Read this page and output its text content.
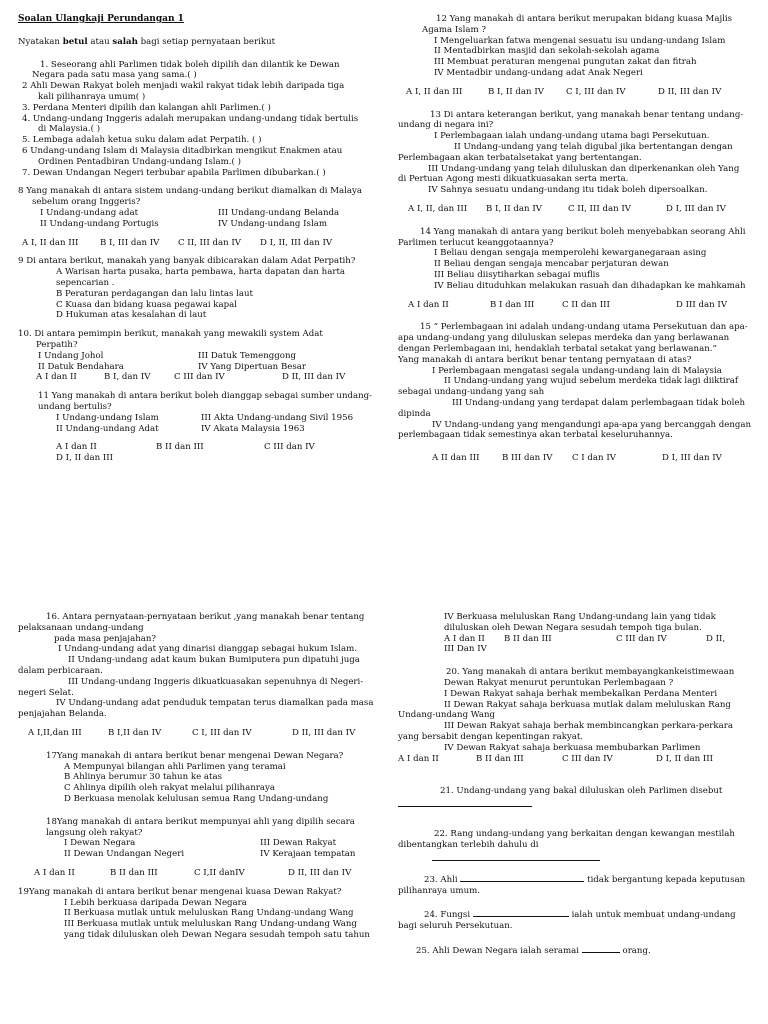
Soalan Ulangkaji Perundangan 1
Nyatakan betul atau salah bagi setiap pernyataan berikut
1. Seseorang ahli Parlimen tidak boleh dipilih dan dilantik ke Dewan
Negara pada satu masa yang sama.( )
2 Ahli Dewan Rakyat boleh menjadi wakil rakyat tidak lebih daripada tiga
kali pilihanraya umum( )
3. Perdana Menteri dipilih dan kalangan ahli Parlimen.( )
4. Undang-undang Inggeris adalah merupakan undang-undang tidak bertulis
di Malaysia.( )
5. Lembaga adalah ketua suku dalam adat Perpatih. ( )
6 Undang-undang Islam di Malaysia ditadbirkan mengikut Enakmen atau
Ordinen Pentadbiran Undang-undang Islam.( )
7. Dewan Undangan Negeri terbubar apabila Parlimen dibubarkan.( )
8 Yang manakah di antara sistem undang-undang berikut diamalkan di Malaya
sebelum orang Inggeris?
I Undang-undang adat	III Undang-undang Belanda
II Undang-undang Portugis	IV Undang-undang Islam
A I, II dan III	B I, III dan IV	C II, III dan IV	D I, II, III dan IV
9 Di antara berikut, manakah yang banyak dibicarakan dalam Adat Perpatih?
A Warisan harta pusaka, harta pembawa, harta dapatan dan harta
sepencarian .
B Peraturan perdagangan dan lalu lintas laut
C Kuasa dan bidang kuasa pegawai kapal
D Hukuman atas kesalahan di laut
10. Di antara pemimpin berikut, manakah yang mewakili system Adat
Perpatih?
I Undang Johol	III Datuk Temenggong
II Datuk Bendahara	IV Yang Dipertuan Besar
A I dan II	B I, dan IV	C III dan IV	D II, III dan IV
11 Yang manakah di antara berikut boleh dianggap sebagai sumber undang-
undang bertulis?
I Undang-undang Islam	III Akta Undang-undang Sivil 1956
II Undang-undang Adat	IV Akata Malaysia 1963
A I dan II	B II dan III	C III dan IV
D I, II dan III
12 Yang manakah di antara berikut merupakan bidang kuasa Majlis
Agama Islam ?
I Mengeluarkan fatwa mengenai sesuatu isu undang-undang Islam
II Mentadbirkan masjid dan sekolah-sekolah agama
III Membuat peraturan mengenai pungutan zakat dan fitrah
IV Mentadbir undang-undang adat Anak Negeri
A I, II dan III	B I, II dan IV	C I, III dan IV	D II, III dan IV
13 Di antara keterangan berikut, yang manakah benar tentang undang-
undang di negara ini?
I Perlembagaan ialah undang-undang utama bagi Persekutuan.
II Undang-undang yang telah digubal jika bertentangan dengan
Perlembagaan akan terbatalsetakat yang bertentangan.
III Undang-undang yang telah diluluskan dan diperkenankan oleh Yang
di Pertuan Agong mesti dikuatkuasakan serta merta.
IV Sahnya sesuatu undang-undang itu tidak boleh dipersoalkan.
A I, II, dan III	B I, II dan IV	C II, III dan IV	D I, III dan IV
14 Yang manakah di antara yang berikut boleh menyebabkan seorang Ahli
Parlimen terlucut keanggotaannya?
I Beliau dengan sengaja memperolehi kewarganegaraan asing
II Beliau dengan sengaja mencabar perjaturan dewan
III Beliau diisytiharkan sebagai muflis
IV Beliau dituduhkan melakukan rasuah dan dihadapkan ke mahkamah
A I dan II	B I dan III	C II dan III	D III dan IV
15 “ Perlembagaan ini adalah undang-undang utama Persekutuan dan apa-
apa undang-undang yang diluluskan selepas merdeka dan yang berlawanan
dengan Perlembagaan ini, hendaklah terbatal setakat yang berlawanan.”
Yang manakah di antara berikut benar tentang pernyataan di atas?
I Perlembagaan mengatasi segala undang-undang lain di Malaysia
II Undang-undang yang wujud sebelum merdeka tidak lagi diiktiraf
sebagai undang-undang yang sah
III Undang-undang yang terdapat dalam perlembagaan tidak boleh
dipinda
IV Undang-undang yang mengandungi apa-apa yang bercanggah dengan
perlembagaan tidak semestinya akan terbatal keseluruhannya.
A II dan III	B III dan IV	C I dan IV	D I, III dan IV
16. Antara pernyataan-pernyataan berikut ,yang manakah benar tentang
pelaksanaan undang-undang
pada masa penjajahan?
I Undang-undang adat yang dinarisi dianggap sebagai hukum Islam.
II Undang-undang adat kaum bukan Bumiputera pun dipatuhi juga
dalam perbicaraan.
III Undang-undang Inggeris dikuatkuasakan sepenuhnya di Negeri-
negeri Selat.
IV Undang-undang adat penduduk tempatan terus diamalkan pada masa
penjajahan Belanda.
A I,II,dan III	B I,II dan IV	C I, III dan IV	D II, III dan IV
17Yang manakah di antara berikut benar mengenai Dewan Negara?
A Mempunyai bilangan ahli Parlimen yang teramai
B Ahlinya berumur 30 tahun ke atas
C Ahlinya dipilih oleh rakyat melalui pilihanraya
D Berkuasa menolak kelulusan semua Rang Undang-undang
18Yang manakah di antara berikut mempunyai ahli yang dipilih secara
langsung oleh rakyat?
I Dewan Negara	III Dewan Rakyat
II Dewan Undangan Negeri	IV Kerajaan tempatan
A I dan II	B II dan III	C I,II danIV	D II, III dan IV
19Yang manakah di antara berikut benar mengenai kuasa Dewan Rakyat?
I Lebih berkuasa daripada Dewan Negara
II Berkuasa mutlak untuk meluluskan Rang Undang-undang Wang
III Berkuasa mutlak untuk meluluskan Rang Undang-undang Wang
yang tidak diluluskan oleh Dewan Negara sesudah tempoh satu tahun
IV Berkuasa meluluskan Rang Undang-undang lain yang tidak
diluluskan oleh Dewan Negara sesudah tempoh tiga bulan.
A I dan II	B II dan III	C III dan IV	D II,
III Dan IV
20. Yang manakah di antara berikut membayangkankeistimewaan
Dewan Rakyat menurut peruntukan Perlembagaan ?
I Dewan Rakyat sahaja berhak membekalkan Perdana Menteri
II Dewan Rakyat sahaja berkuasa mutlak dalam meluluskan Rang
Undang-undang Wang
III Dewan Rakyat sahaja berhak membincangkan perkara-perkara
yang bersabit dengan kepentingan rakyat.
IV Dewan Rakyat sahaja berkuasa membubarkan Parlimen
A I dan II	B II dan III	C III dan IV	D I, II dan III
21. Undang-undang yang bakal diluluskan oleh Parlimen disebut
22. Rang undang-undang yang berkaitan dengan kewangan mestilah
dibentangkan terlebih dahulu di
23. Ahli	tidak bergantung kepada keputusan
pilihanraya umum.
24. Fungsi	ialah untuk membuat undang-undang
bagi seluruh Persekutuan.
25. Ahli Dewan Negara ialah seramai	orang.
